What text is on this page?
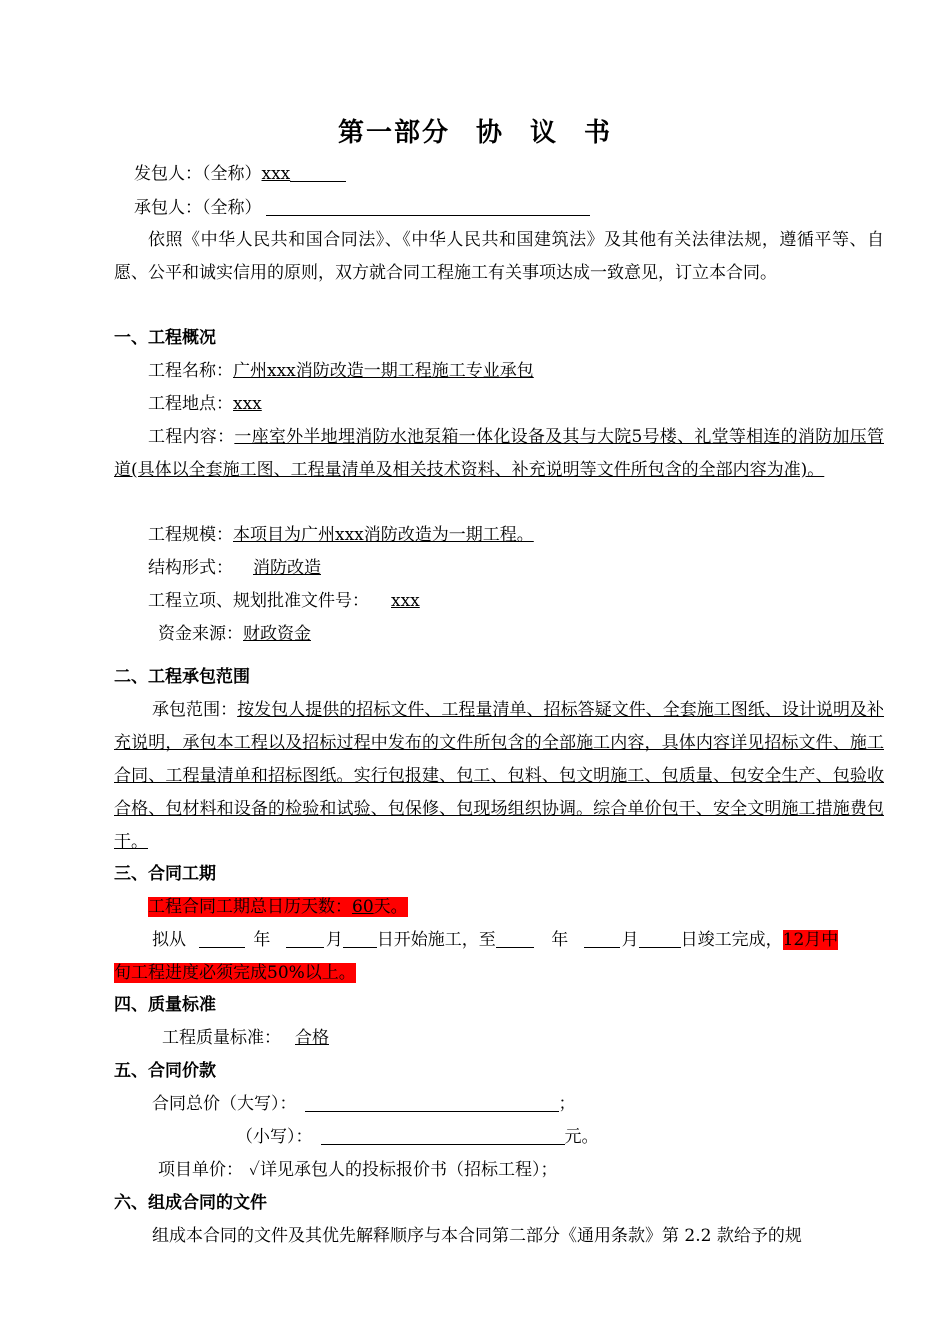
第一部分 协 议 书
发包人：（全称）xxx
承包人：（全称）
依照《中华人民共和国合同法》、《中华人民共和国建筑法》及其他有关法律法规，遵循平等、自愿、公平和诚实信用的原则，双方就合同工程施工有关事项达成一致意见，订立本合同。
一、工程概况
工程名称：广州xxx消防改造一期工程施工专业承包
工程地点：xxx
工程内容：一座室外半地埋消防水池泵箱一体化设备及其与大院5号楼、礼堂等相连的消防加压管道(具体以全套施工图、工程量清单及相关技术资料、补充说明等文件所包含的全部内容为准)。
工程规模：本项目为广州xxx消防改造为一期工程。
结构形式： 消防改造
工程立项、规划批准文件号： xxx
资金来源：财政资金
二、工程承包范围
承包范围：按发包人提供的招标文件、工程量清单、招标答疑文件、全套施工图纸、设计说明及补充说明，承包本工程以及招标过程中发布的文件所包含的全部施工内容，具体内容详见招标文件、施工合同、工程量清单和招标图纸。实行包报建、包工、包料、包文明施工、包质量、包安全生产、包验收合格、包材料和设备的检验和试验、包保修、包现场组织协调。综合单价包干、安全文明施工措施费包干。
三、合同工期
工程合同工期总日历天数：60天。
拟从	年	月 日开始施工，至	年	月 日竣工完成，12月中
旬工程进度必须完成50%以上。
四、质量标准
工程质量标准： 合格
五、合同价款
合同总价（大写）：	；
（小写）：	元。
项目单价： ✓详见承包人的投标报价书（招标工程）；
六、组成合同的文件
组成本合同的文件及其优先解释顺序与本合同第二部分《通用条款》第 2.2 款给予的规
